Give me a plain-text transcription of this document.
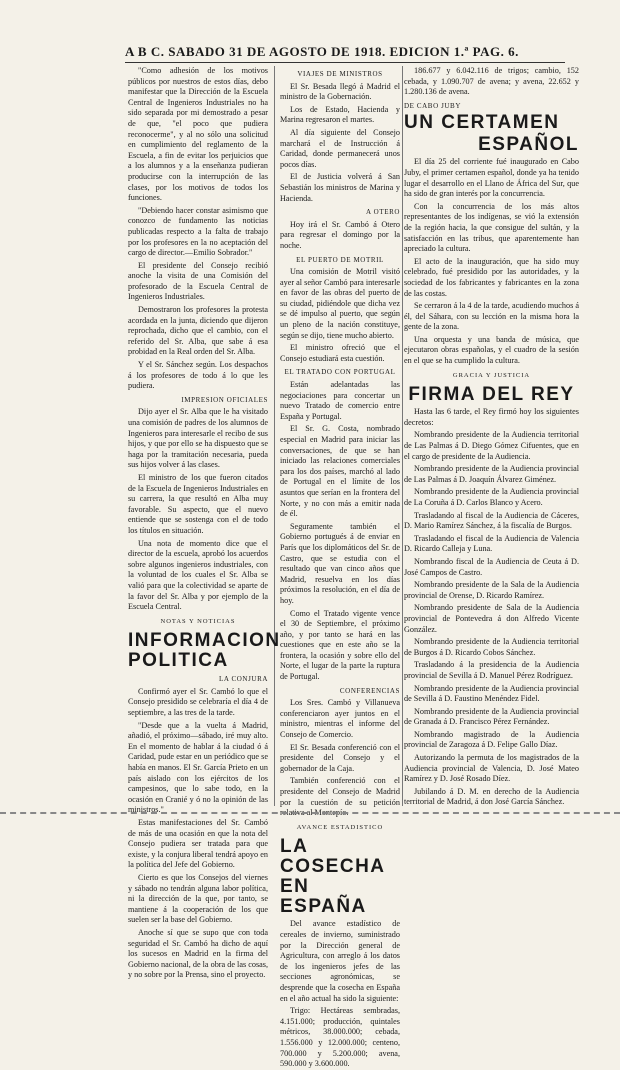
A B C. SABADO 31 DE AGOSTO DE 1918. EDICION 1.ª PAG. 6.

"Como adhesión de los motivos públicos por nuestros de estos días, debo manifestar que la Dirección de la Escuela Central de Ingenieros Industriales no ha sido separada por mi demostrado a pesar de que, "el poco que pudiera reconocerme", y al no sólo una solicitud en cumplimiento del reglamento de la Escuela, a fin de evitar los perjuicios que a los alumnos y a la enseñanza pudieran producirse con la interrupción de las clases, por los motivos de todos los funciones.

"Debiendo hacer constar asimismo que conozco de fundamento las noticias publicadas respecto a la falta de trabajo por los profesores en la no aceptación del cargo de director.—Emilio Sobrador."

El presidente del Consejo recibió anoche la visita de una Comisión del profesorado de la Escuela Central de Ingenieros Industriales.

Demostraron los profesores la protesta acordada en la junta, diciendo que dijeron reprochada, dicho que el cambio, con el referido del Sr. Alba, que sabe á esa probidad en la Real orden del Sr. Alba.

Y el Sr. Sánchez según. Los despachos á los profesores de todo á lo que les pudiera.

IMPRESION OFICIALES

Dijo ayer el Sr. Alba que le ha visitado una comisión de padres de los alumnos de Ingenieros para interesarle el recibo de sus hijos, y que por ello se ha dispuesto que se haga por la tramitación necesaria, pueda sus hijos volver á las clases.

El ministro de los que fueron citados de la Escuela de Ingenieros Industriales en su carrera, la que resultó en Alba muy favorable. Su aspecto, que el nuevo entiende que se sostenga con el de todo los títulos en situación.

Una nota de momento dice que el director de la escuela, aprobó los acuerdos sobre algunos ingenieros industriales, con la voluntad de los cuales el Sr. Alba se valió para que la colectividad se aparte de la favor del Sr. Alba y por ejemplo de la Escuela Central.

NOTAS Y NOTICIAS
INFORMACION POLITICA
LA CONJURA

Confirmó ayer el Sr. Cambó lo que el Consejo presidido se celebraría el día 4 de septiembre, a las tres de la tarde.

"Desde que a la vuelta á Madrid, añadió, el próximo—sábado, iré muy alto. En el momento de hablar á la ciudad ó á Caridad, pude estar en un periódico que se había en manos. El Sr. García Prieto en un país aislado con los ejércitos de los campesinos, que lo sabe todo, en la ocasión en Cranié y ó no la opinión de las ministros."

Estas manifestaciones del Sr. Cambó de más de una ocasión en que la nota del Consejo pudiera ser tratada para que existe, y la conjura liberal tendrá apoyo en la política del Jefe del Gobierno.

Cierto es que los Consejos del viernes y sábado no tendrán alguna labor política, ni la dirección de la que, por tanto, se mantiene á la cooperación de los que suelen ser la base del Gobierno.

Anoche sí que se supo que con toda seguridad el Sr. Cambó ha dicho de aquí los sucesos en Madrid en la firma del Gobierno nacional, de la obra de las cosas, y no sobre por la Prensa, sino el proyecto.

VIAJES DE MINISTROS

El Sr. Besada llegó á Madrid el ministro de la Gobernación.

Los de Estado, Hacienda y Marina regresaron el martes.

Al día siguiente del Consejo marchará el de Instrucción á Caridad, donde permanecerá unos pocos días.

El de Justicia volverá á San Sebastián los ministros de Marina y Hacienda.

A OTERO

Hoy irá el Sr. Cambó á Otero para regresar el domingo por la noche.

EL PUERTO DE MOTRIL

Una comisión de Motril visitó ayer al señor Cambó para interesarle en favor de las obras del puerto de su ciudad, pidiéndole que dicha vez se dé impulso al puerto, que según un pleno de la nación constituye, según se dijo, tiene mucho abierto.

El ministro ofreció que el Consejo estudiará esta cuestión.

EL TRATADO CON PORTUGAL

Están adelantadas las negociaciones para concertar un nuevo Tratado de comercio entre España y Portugal.

El Sr. G. Costa, nombrado especial en Madrid para iniciar las conversaciones, de que se han iniciado las relaciones comerciales para los dos países, marchó al lado de Portugal en el límite de los asuntos que serían en la frontera del Norte, y no con más a emitir nada de él.

Seguramente también el Gobierno portugués á de enviar en París que los diplomáticos del Sr. de Castro, que se estudia con el resultado que van cinco años que Madrid, resuelva en los días próximos la resolución, en el día de hoy.

Como el Tratado vigente vence el 30 de Septiembre, el próximo año, y por tanto se hará en las cuestiones que en este año se la frontera, la ocasión y sobre ello del Norte, el lugar de la parte la ruptura de Portugal.

CONFERENCIAS

Los Sres. Cambó y Villanueva conferenciaron ayer juntos en el ministro, mientras el informe del Consejo de Comercio.

El Sr. Besada conferenció con el presidente del Consejo y el gobernador de la Caja.

También conferenció con el presidente del Consejo de Madrid por la cuestión de su petición relativa al Montepío.

AVANCE ESTADISTICO
LA COSECHA EN ESPAÑA

Del avance estadístico de cereales de invierno, suministrado por la Dirección general de Agricultura, con arreglo á los datos de los ingenieros jefes de las secciones agronómicas, se desprende que la cosecha en España en el año actual ha sido la siguiente:

Trigo: Hectáreas sembradas, 4.151.000; producción, quintales métricos, 38.000.000; cebada, 1.556.000 y 12.000.000; centeno, 700.000 y 5.200.000; avena, 590.000 y 3.600.000.

186.677 y 6.042.116 de trigos; cambio, 152 cebada, y 1.090.707 de avena; y avena, 22.652 y 1.280.136 de avena.

DE CABO JUBY
UN CERTAMEN
ESPAÑOL

El día 25 del corriente fué inaugurado en Cabo Juby, el primer certamen español, donde ya ha tenido lugar el desarrollo en el Llano de África del Sur, que ha sido de gran interés por la concurrencia.

Con la concurrencia de los más altos representantes de los indígenas, se vió la extensión de la región hacia, la que consigue del sultán, y la satisfacción en las tribus, que aparentemente han apreciado la cultura.

El acto de la inauguración, que ha sido muy celebrado, fué presidido por las autoridades, y la sociedad de los fabricantes y fabricantes en la zona de las costas.

Se cerraron á la 4 de la tarde, acudiendo muchos á él, del Sáhara, con su lección en la misma hora la gente de la zona.

Una orquesta y una banda de música, que ejecutaron obras españolas, y el cuadro de la sesión en el que se ha cumplido la cultura.

GRACIA Y JUSTICIA
FIRMA DEL REY

Hasta las 6 tarde, el Rey firmó hoy los siguientes decretos:

Nombrando presidente de la Audiencia territorial de Las Palmas á D. Diego Gómez Cifuentes, que en el cargo de presidente de la Audiencia.

Nombrando presidente de la Audiencia provincial de Las Palmas á D. Joaquín Álvarez Giménez.

Nombrando presidente de la Audiencia provincial de La Coruña á D. Carlos Blanco y Acero.

Trasladando al fiscal de la Audiencia de Cáceres, D. Mario Ramírez Sánchez, á la fiscalía de Burgos.

Trasladando el fiscal de la Audiencia de Valencia D. Ricardo Calleja y Luna.

Nombrando fiscal de la Audiencia de Ceuta á D. José Campos de Castro.

Nombrando presidente de la Sala de la Audiencia provincial de Orense, D. Ricardo Ramírez.

Nombrando presidente de Sala de la Audiencia provincial de Pontevedra á don Alfredo Vicente González.

Nombrando presidente de la Audiencia territorial de Burgos á D. Ricardo Cobos Sánchez.

Trasladando á la presidencia de la Audiencia provincial de Sevilla á D. Manuel Pérez Rodríguez.

Nombrando presidente de la Audiencia provincial de Sevilla á D. Faustino Menéndez Fidel.

Nombrando presidente de la Audiencia provincial de Granada á D. Francisco Pérez Fernández.

Nombrando magistrado de la Audiencia provincial de Zaragoza á D. Felipe Gallo Díaz.

Autorizando la permuta de los magistrados de la Audiencia provincial de Valencia, D. José Mateo Ramírez y D. José Rosado Díez.

Jubilando á D. M. en derecho de la Audiencia territorial de Madrid, á don José García Sánchez.
